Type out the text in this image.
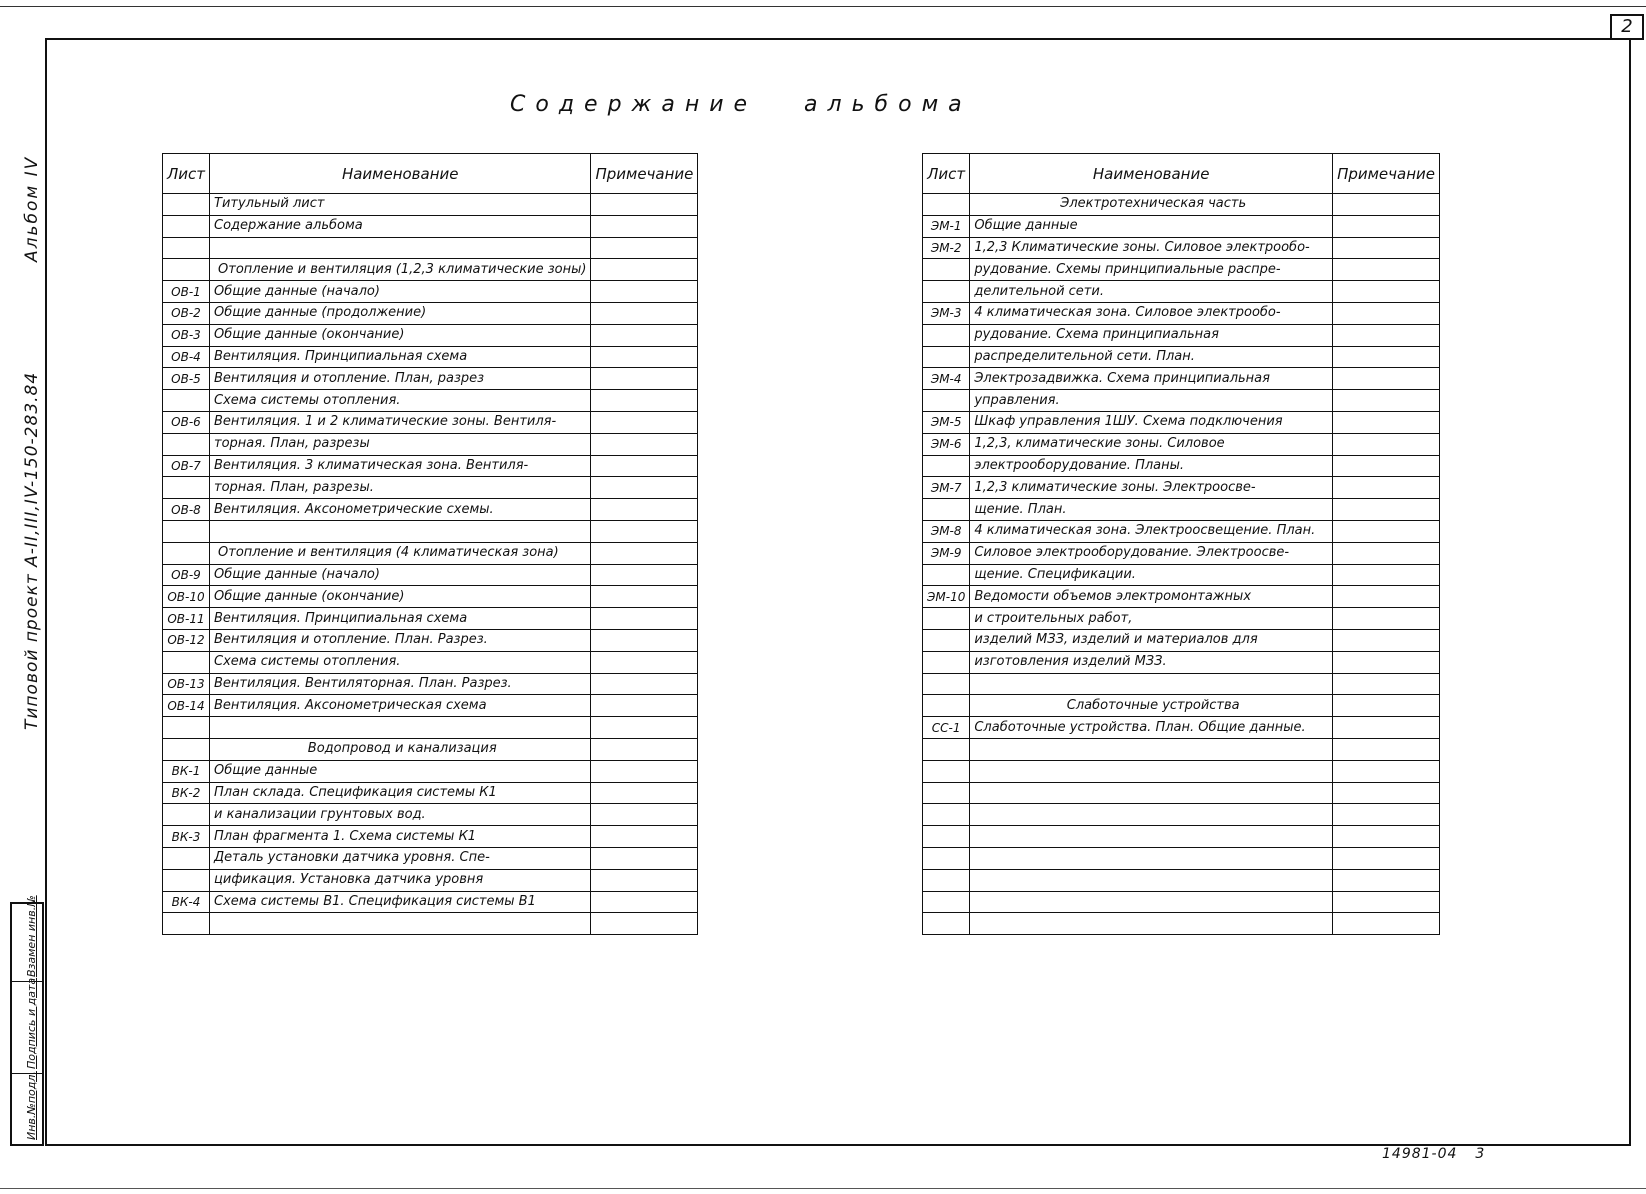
2
Содержание альбома
Альбом IV
Типовой проект А-II,III,IV-150-283.84
Взамен инв.№
Подпись и дата
Инв.№подл.
14981-04 3
Лист	Наименование	Примечание
	Титульный лист	
	Содержание альбома	

	Отопление и вентиляция (1,2,3 климатические зоны)	
ОВ-1	Общие данные (начало)	
ОВ-2	Общие данные (продолжение)	
ОВ-3	Общие данные (окончание)	
ОВ-4	Вентиляция. Принципиальная схема	
ОВ-5	Вентиляция и отопление. План, разрез	
	Схема системы отопления.	
ОВ-6	Вентиляция. 1 и 2 климатические зоны. Вентиля-	
	торная. План, разрезы	
ОВ-7	Вентиляция. 3 климатическая зона. Вентиля-	
	торная. План, разрезы.	
ОВ-8	Вентиляция. Аксонометрические схемы.	

	Отопление и вентиляция (4 климатическая зона)	
ОВ-9	Общие данные (начало)	
ОВ-10	Общие данные (окончание)	
ОВ-11	Вентиляция. Принципиальная схема	
ОВ-12	Вентиляция и отопление. План. Разрез.	
	Схема системы отопления.	
ОВ-13	Вентиляция. Вентиляторная. План. Разрез.	
ОВ-14	Вентиляция. Аксонометрическая схема	

	Водопровод и канализация	
ВК-1	Общие данные	
ВК-2	План склада. Спецификация системы К1	
	и канализации грунтовых вод.	
ВК-3	План фрагмента 1. Схема системы К1	
	Деталь установки датчика уровня. Спе-	
	цификация. Установка датчика уровня	
ВК-4	Схема системы В1. Спецификация системы В1	

Лист	Наименование	Примечание
	Электротехническая часть	
ЭМ-1	Общие данные	
ЭМ-2	1,2,3 Климатические зоны. Силовое электрообо-	
	рудование. Схемы принципиальные распре-	
	делительной сети.	
ЭМ-3	4 климатическая зона. Силовое электрообо-	
	рудование. Схема принципиальная	
	распределительной сети. План.	
ЭМ-4	Электрозадвижка. Схема принципиальная	
	управления.	
ЭМ-5	Шкаф управления 1ШУ. Схема подключения	
ЭМ-6	1,2,3, климатические зоны. Силовое	
	электрооборудование. Планы.	
ЭМ-7	1,2,3 климатические зоны. Электроосве-	
	щение. План.	
ЭМ-8	4 климатическая зона. Электроосвещение. План.	
ЭМ-9	Силовое электрооборудование. Электроосве-	
	щение. Спецификации.	
ЭМ-10	Ведомости объемов электромонтажных	
	и строительных работ,	
	изделий МЗЗ, изделий и материалов для	
	изготовления изделий МЗЗ.	

	Слаботочные устройства	
СС-1	Слаботочные устройства. План. Общие данные.	
